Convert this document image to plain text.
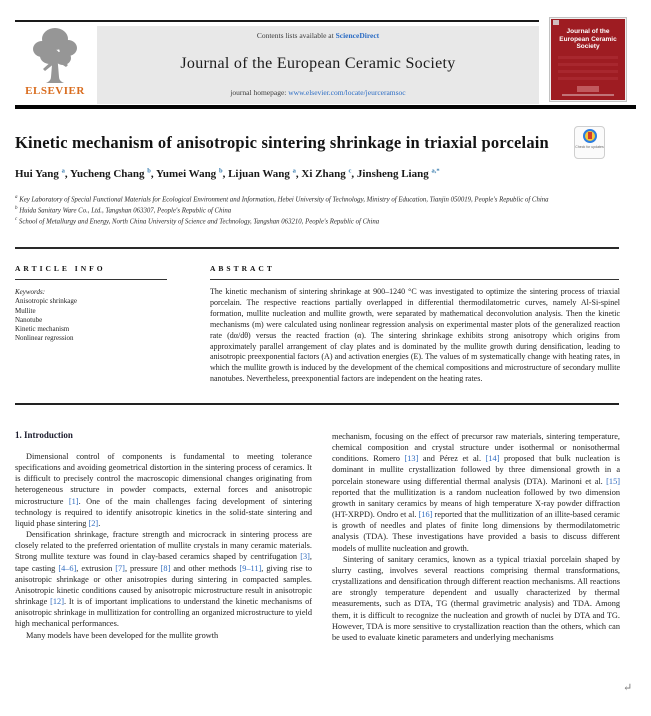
ELSEVIER
Contents lists available at ScienceDirect
Journal of the European Ceramic Society
journal homepage: www.elsevier.com/locate/jeurceramsoc
Journal of the European Ceramic Society
Kinetic mechanism of anisotropic sintering shrinkage in triaxial porcelain	Check for updates
Hui Yang $^a$, Yucheng Chang $^b$, Yumei Wang $^b$, Lijuan Wang $^a$, Xi Zhang $^c$, Jinsheng Liang $^{a,*}$
$^a$ Key Laboratory of Special Functional Materials for Ecological Environment and Information, Hebei University of Technology, Ministry of Education, Tianjin 050019, People's Republic of China
$^b$ Huida Sanitary Ware Co., Ltd., Tangshan 063307, People's Republic of China
$^c$ School of Metallurgy and Energy, North China University of Science and Technology, Tangshan 063210, People's Republic of China
ARTICLE INFO
Keywords:
Anisotropic shrinkage
Mullite
Nanotube
Kinetic mechanism
Nonlinear regression
ABSTRACT
The kinetic mechanism of sintering shrinkage at 900–1240 °C was investigated to optimize the sintering process of triaxial porcelain. The respective reactions partially overlapped in differential thermodilatometric curves, namely Al-Si-spinel formation, mullite nucleation and mullite growth, were separated by mathematical deconvolution analysis. Then the kinetic mechanisms (m) were calculated using nonlinear regression analysis on experimental master plots of the generalized reaction rate (dα/dθ) versus the reacted fraction (α). The sintering shrinkage exhibits strong anisotropy which origins from approximately parallel arrangement of clay plates and is dominated by the mullite growth during densification, leading to anisotropic preexponential factors (A) and activation energies (E). The values of m systematically change with heating rates, in which the mullite growth is induced by the development of the chemical compositions and microstructure of secondary mullite nanotubes. Nevertheless, preexponential factors are independent on the heating rates.
1. Introduction
Dimensional control of components is fundamental to meeting tolerance specifications and avoiding geometrical distortion in the sintering process of ceramics. It is difficult to precisely control the macroscopic dimensional changes originating from heterogeneous structure in powder compacts, external forces and anisotropic microstructure [1]. One of the main challenges facing development of sintering technology is required to identify anisotropic kinetics in the solid-state sintering and liquid phase sintering [2].
Densification shrinkage, fracture strength and microcrack in sintering process are closely related to the preferred orientation of mullite crystals in many ceramic materials. Strong mullite texture was found in clay-based ceramics shaped by centrifugation [3], tape casting [4–6], extrusion [7], pressure [8] and other methods [9–11], giving rise to anisotropic shrinkage or other anisotropies during sintering in compacted samples. Anisotropic kinetic conditions caused by anisotropic microstructure result in anisotropic shrinkage [12]. It is of important implications to understand the kinetic mechanisms of anisotropic shrinkage in mullitization for controlling an organized microstructure to yield high mechanical performances.
Many models have been developed for the mullite growth
mechanism, focusing on the effect of precursor raw materials, sintering temperature, chemical composition and crystal structure under isothermal or nonisothermal conditions. Romero [13] and Pérez et al. [14] proposed that bulk nucleation is dominant in mullite crystallization followed by three dimensional growth in a porcelain stoneware using differential thermal analysis (DTA). Marinoni et al. [15] reported that the mullitization is a random nucleation followed by two dimension growth in sanitary ceramics by means of high temperature X-ray powder diffraction (HT-XRPD). Ondro et al. [16] reported that the mullitization of an illite-based ceramic is growth of needles and plates of finite long dimensions by thermodilatometric analysis (TDA). These investigations have provided a basis to discuss different models of mullite nucleation and growth.
Sintering of sanitary ceramics, known as a typical triaxial porcelain shaped by slurry casting, involves several reactions comprising thermal transformations, crystallizations and densification through different reaction mechanisms. All reactions are strongly temperature dependent and usually characterized by thermal measurements, such as DTA, TG (thermal gravimetric analysis) and TDA. Among them, it is difficult to recognize the nucleation and growth of nuclei by DTA and TG. However, TDA is more sensitive to crystallization reaction than the others, which can be used to evaluate kinetic parameters and underlying mechanisms
↵
